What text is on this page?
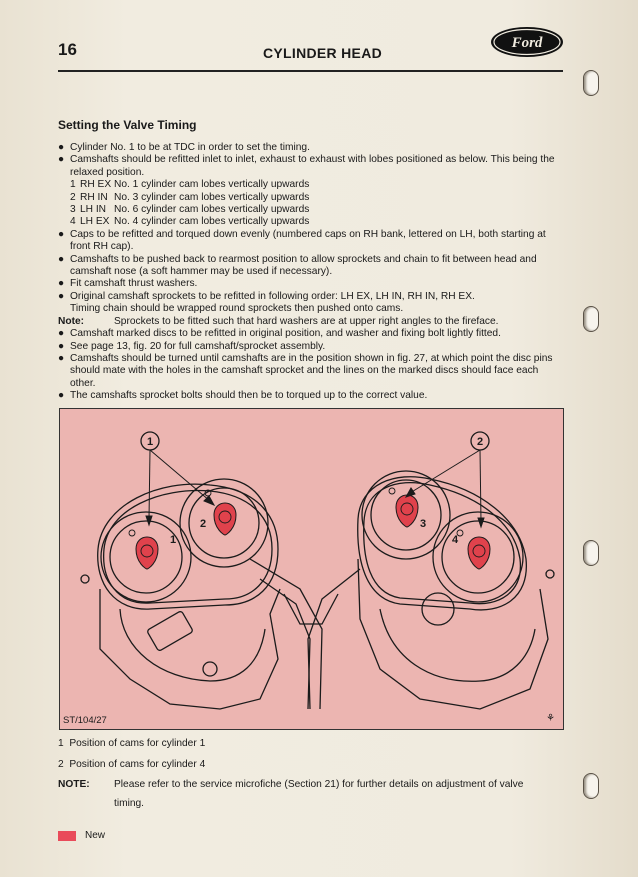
16	CYLINDER HEAD
Ford
Setting the Valve Timing
● Cylinder No. 1 to be at TDC in order to set the timing.
● Camshafts should be refitted inlet to inlet, exhaust to exhaust with lobes positioned as below. This being the relaxed position.
1 RH EX No. 1 cylinder cam lobes vertically upwards
2 RH IN No. 3 cylinder cam lobes vertically upwards
3 LH IN No. 6 cylinder cam lobes vertically upwards
4 LH EX No. 4 cylinder cam lobes vertically upwards
● Caps to be refitted and torqued down evenly (numbered caps on RH bank, lettered on LH, both starting at front RH cap).
● Camshafts to be pushed back to rearmost position to allow sprockets and chain to fit between head and camshaft nose (a soft hammer may be used if necessary).
● Fit camshaft thrust washers.
● Original camshaft sprockets to be refitted in following order: LH EX, LH IN, RH IN, RH EX.
Timing chain should be wrapped round sprockets then pushed onto cams.
Note:	Sprockets to be fitted such that hard washers are at upper right angles to the fireface.
● Camshaft marked discs to be refitted in original position, and washer and fixing bolt lightly fitted.
● See page 13, fig. 20 for full camshaft/sprocket assembly.
● Camshafts should be turned until camshafts are in the position shown in fig. 27, at which point the disc pins should mate with the holes in the camshaft sprocket and the lines on the marked discs should face each other.
● The camshafts sprocket bolts should then be to torqued up to the correct value.
1
2	3
4
1	2
ST/104/27	⚘
1 Position of cams for cylinder 1
2 Position of cams for cylinder 4
NOTE: Please refer to the service microfiche (Section 21) for further details on adjustment of valve timing.
New
